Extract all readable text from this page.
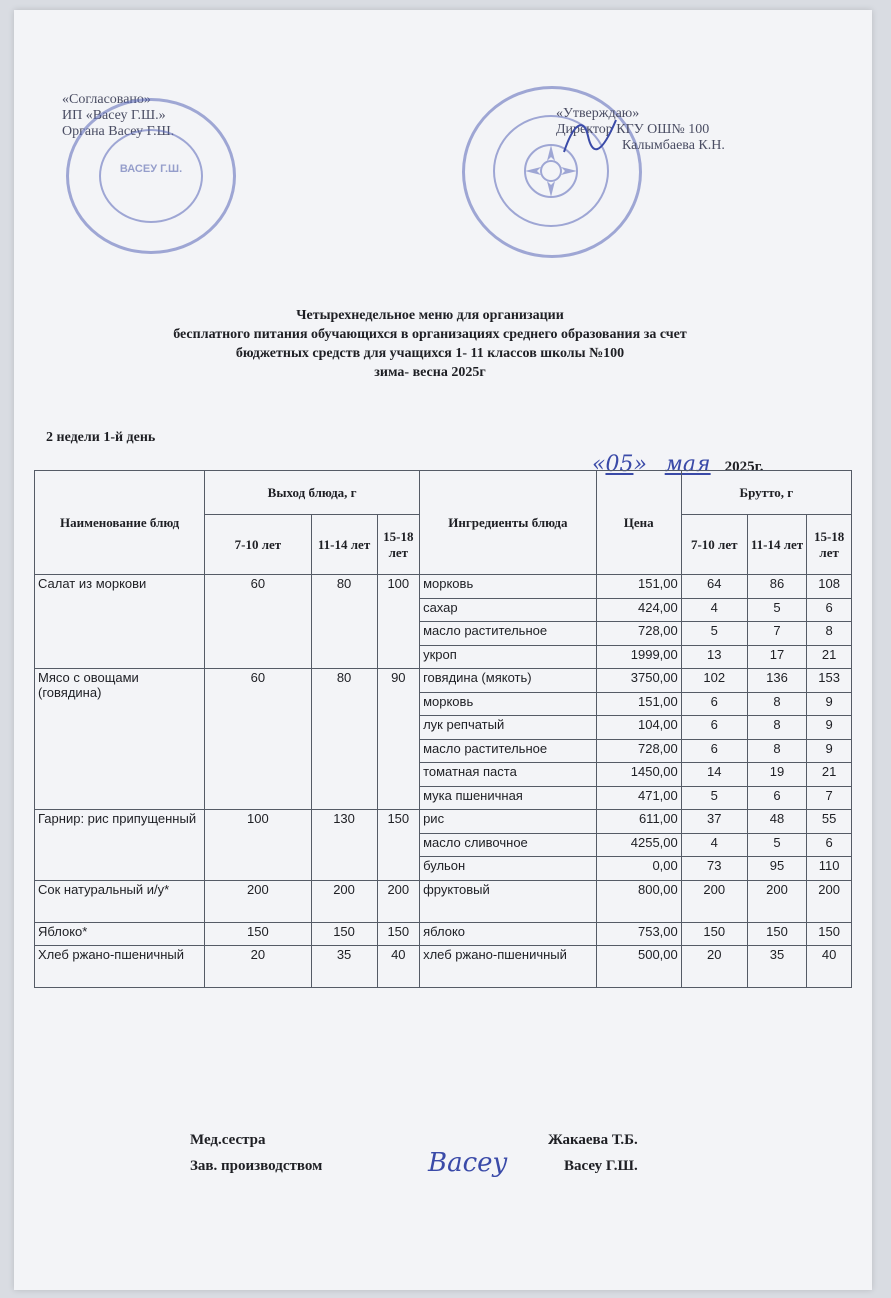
«Согласовано»
ИП «Васеу Г.Ш.»
Органа Васеу Г.Ш.
ВАСЕУ Г.Ш.
«Утверждаю»
Директор КГУ ОШ№ 100
Калымбаева К.Н.
Четырехнедельное меню для организации
бесплатного питания обучающихся в организациях среднего образования за счет
бюджетных средств для учащихся 1- 11 классов школы №100
зима- весна 2025г
2 недели 1-й день
«05» мая 2025г.
Наименование блюд	Выход блюда, г			Ингредиенты блюда	Цена	Брутто, г		
	7-10 лет	11-14 лет	15-18 лет			7-10 лет	11-14 лет	15-18 лет
Салат из моркови	60	80	100	морковь	151,00	64	86	108
				сахар	424,00	4	5	6
				масло растительное	728,00	5	7	8
				укроп	1999,00	13	17	21
Мясо с овощами (говядина)	60	80	90	говядина (мякоть)	3750,00	102	136	153
				морковь	151,00	6	8	9
				лук репчатый	104,00	6	8	9
				масло растительное	728,00	6	8	9
				томатная паста	1450,00	14	19	21
				мука пшеничная	471,00	5	6	7
Гарнир: рис припущенный	100	130	150	рис	611,00	37	48	55
				масло сливочное	4255,00	4	5	6
				бульон	0,00	73	95	110
Сок натуральный и/у*	200	200	200	фруктовый	800,00	200	200	200
Яблоко*	150	150	150	яблоко	753,00	150	150	150
Хлеб ржано-пшеничный	20	35	40	хлеб ржано-пшеничный	500,00	20	35	40
Мед.сестра	Жакаева Т.Б.
Зав. производством	Васеу Г.Ш.
Васеу
